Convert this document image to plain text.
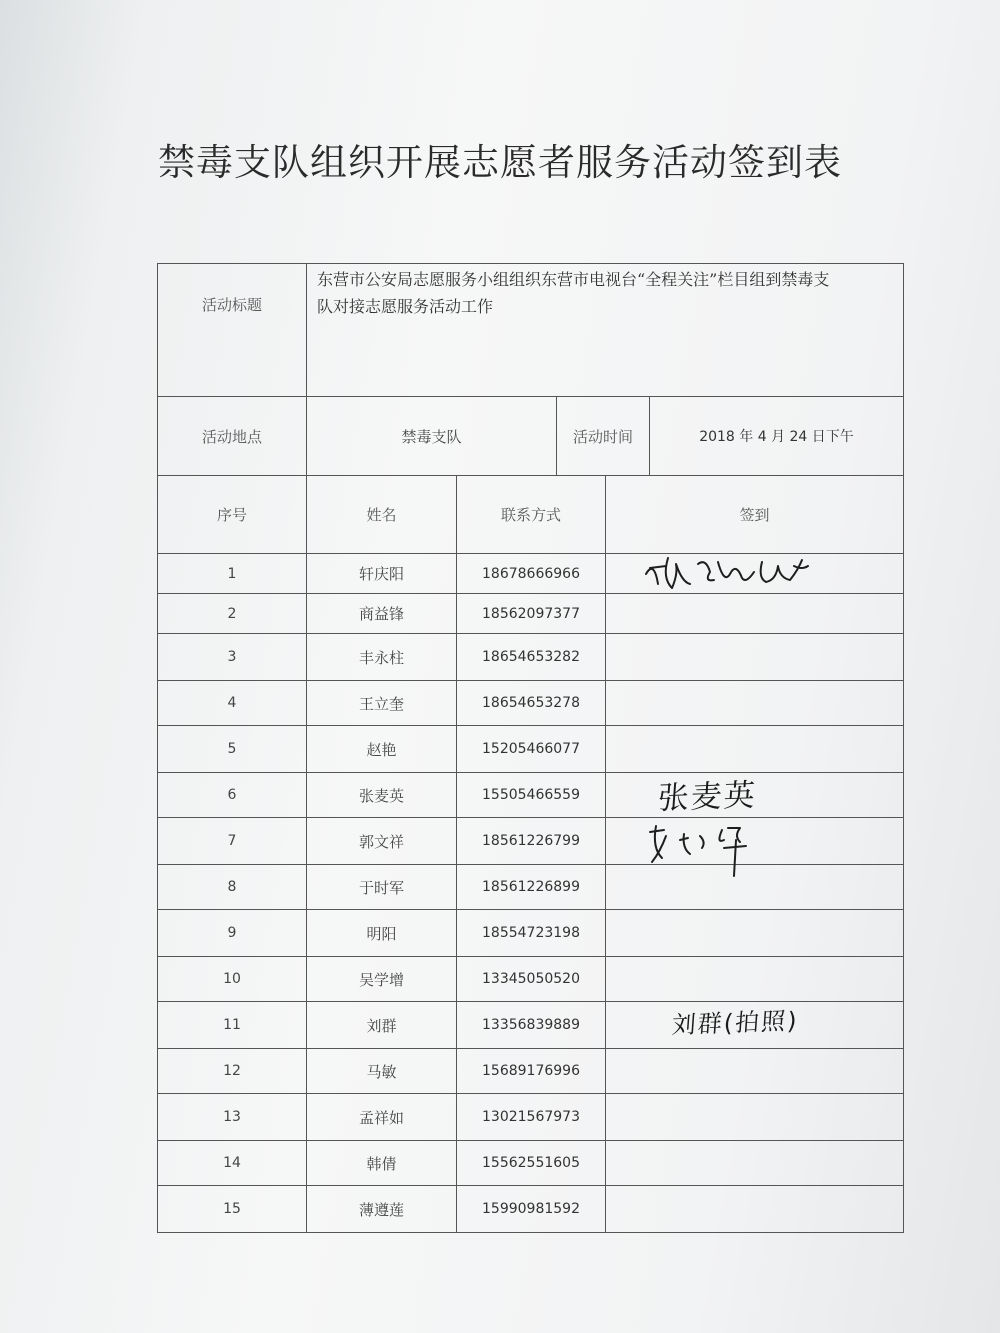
禁毒支队组织开展志愿者服务活动签到表
活动标题	东营市公安局志愿服务小组组织东营市电视台“全程关注”栏目组到禁毒支
队对接志愿服务活动工作			

活动地点	禁毒支队		活动时间 2018 年 4 月 24 日下午	

序号	姓名	联系方式		签到
1	轩庆阳	18678666966	

2	商益锋	18562097377		
3	丰永柱	18654653282		
4	王立奎	18654653278		
5	赵艳	15205466077		
6	张麦英	15505466559		张麦英

7	郭文祥	18561226799	

8	于时军	18561226899		
9	明阳	18554723198		
10	吴学增	13345050520		
11	刘群	13356839889		刘群(拍照)

12	马敏	15689176996		
13	孟祥如	13021567973		
14	韩倩	15562551605		
15	薄遵莲	15990981592		
